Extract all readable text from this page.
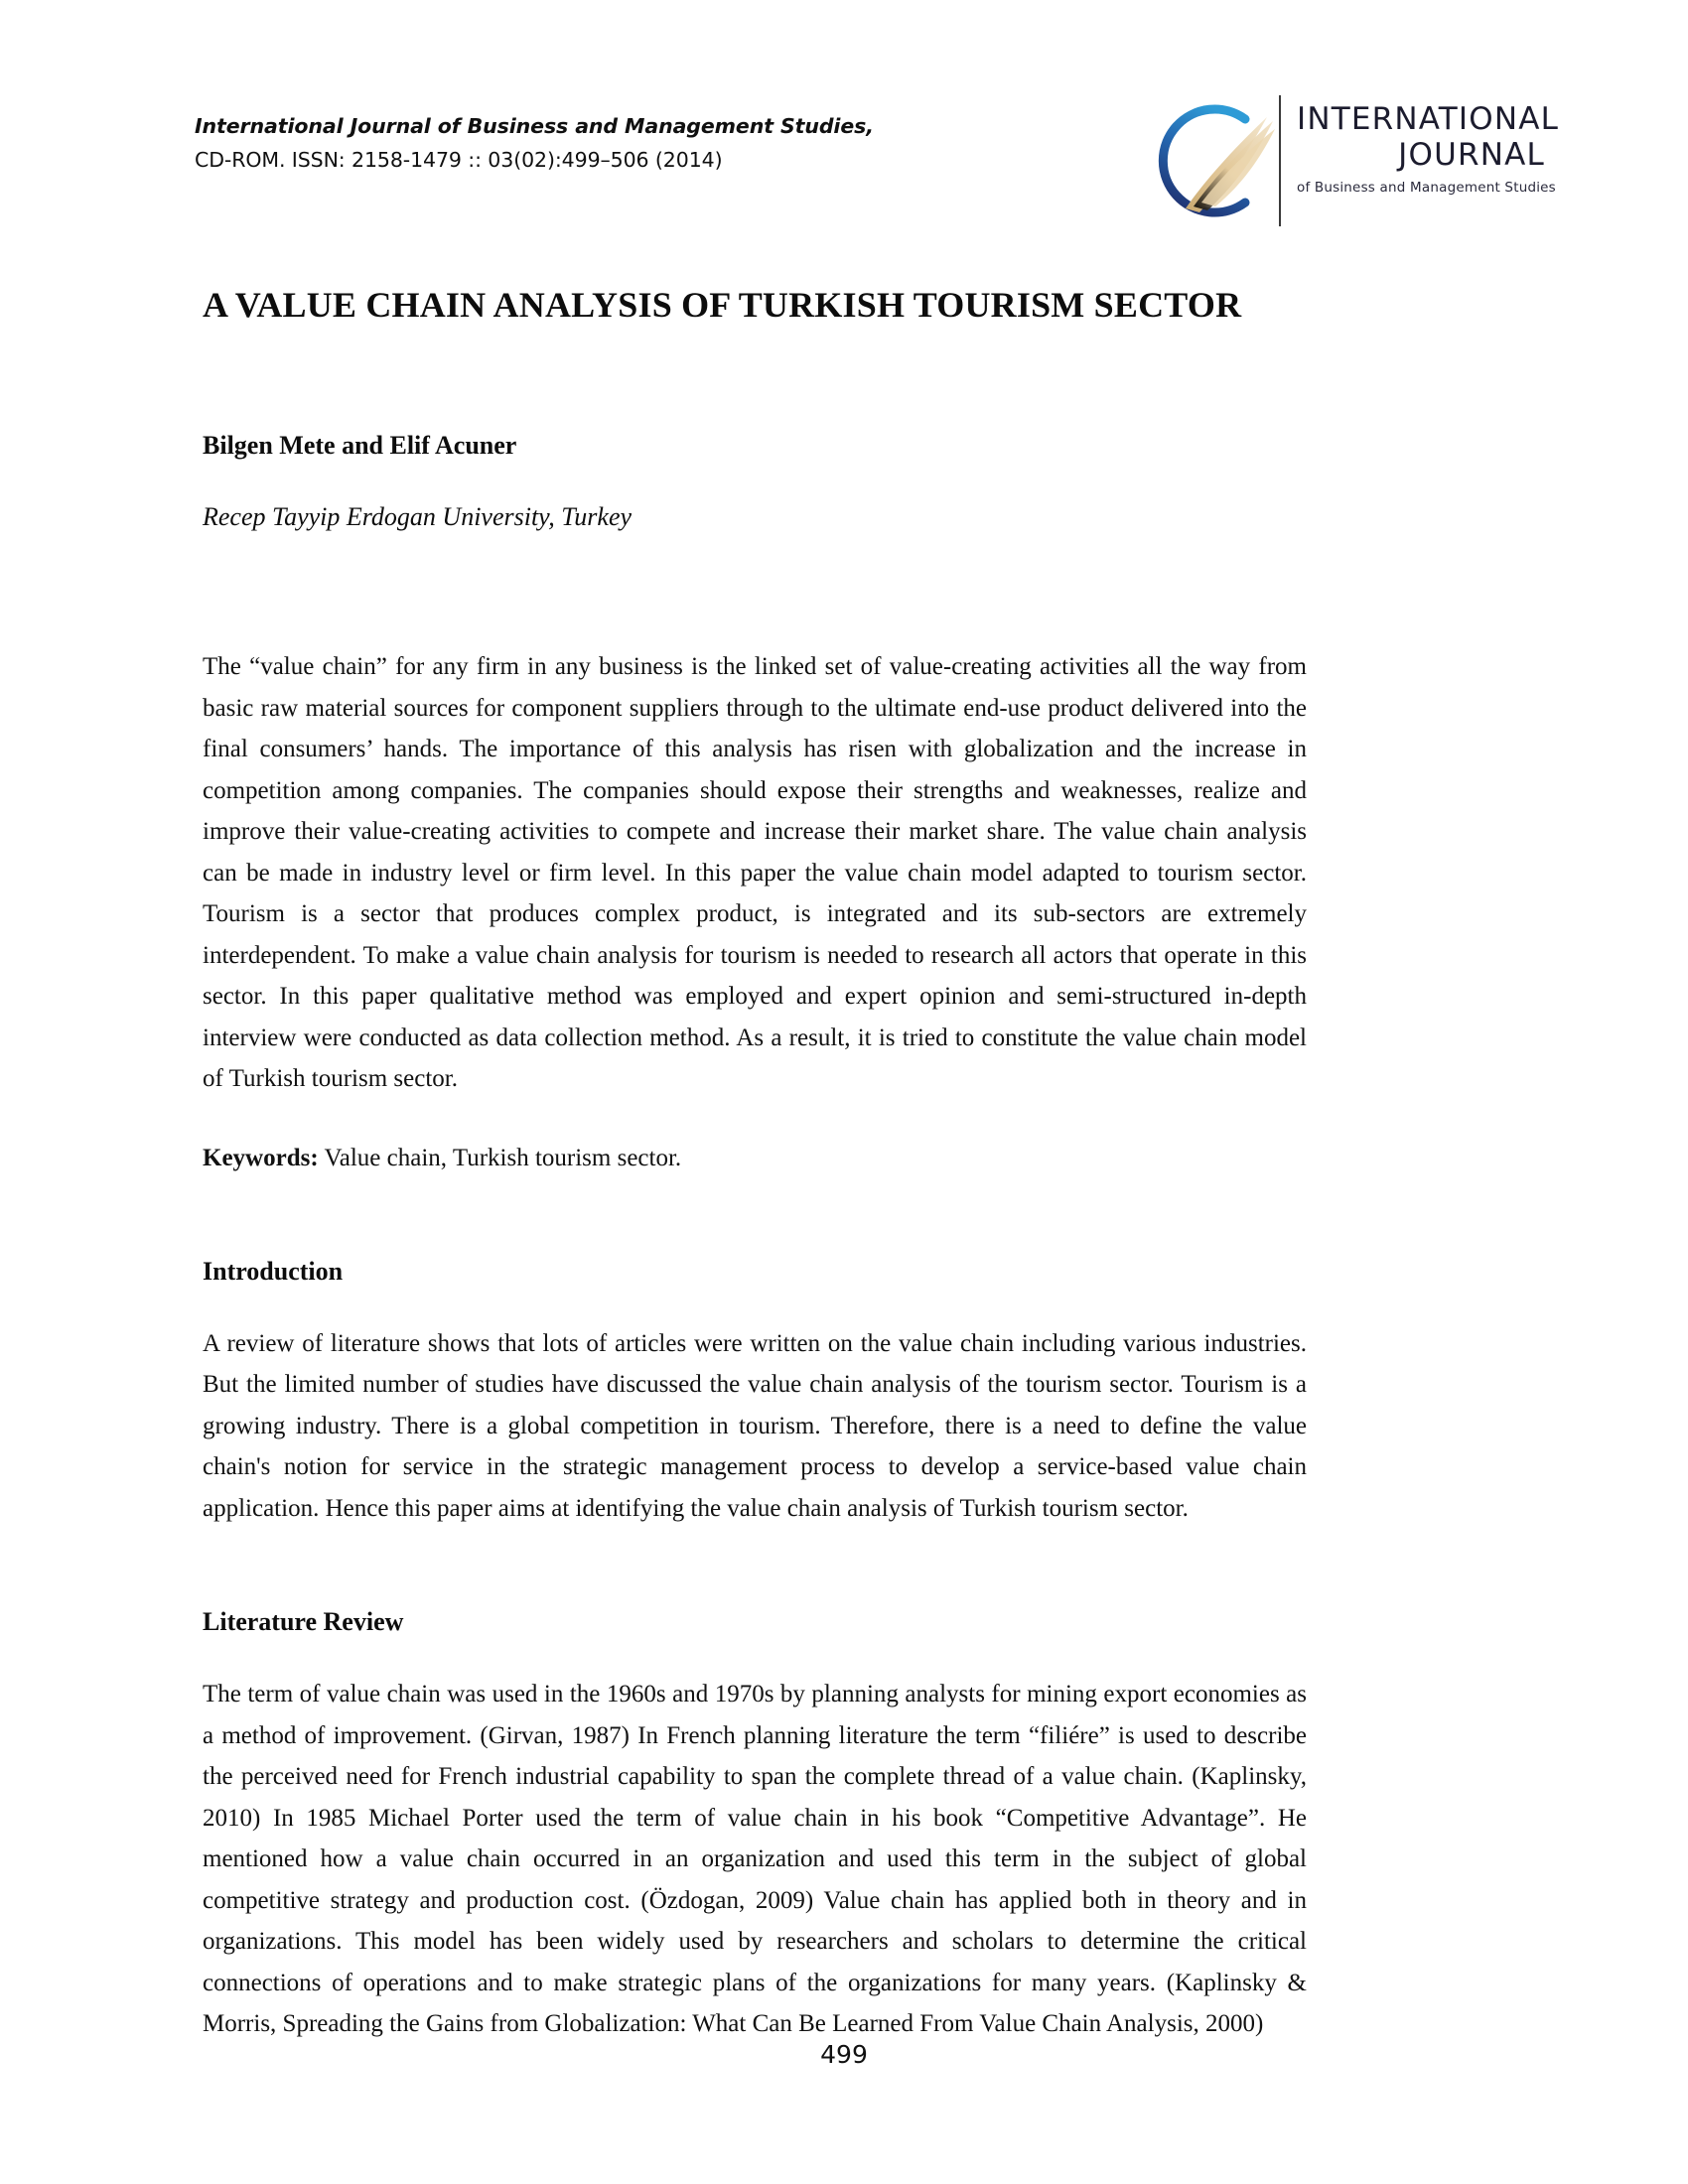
International Journal of Business and Management Studies,
CD-ROM. ISSN: 2158-1479 :: 03(02):499–506 (2014)
INTERNATIONAL
JOURNAL
of Business and Management Studies
A VALUE CHAIN ANALYSIS OF TURKISH TOURISM SECTOR

Bilgen Mete and Elif Acuner

Recep Tayyip Erdogan University, Turkey

The “value chain” for any firm in any business is the linked set of value-creating activities all the way from basic raw material sources for component suppliers through to the ultimate end-use product delivered into the final consumers’ hands. The importance of this analysis has risen with globalization and the increase in competition among companies. The companies should expose their strengths and weaknesses, realize and improve their value-creating activities to compete and increase their market share. The value chain analysis can be made in industry level or firm level. In this paper the value chain model adapted to tourism sector. Tourism is a sector that produces complex product, is integrated and its sub-sectors are extremely interdependent. To make a value chain analysis for tourism is needed to research all actors that operate in this sector. In this paper qualitative method was employed and expert opinion and semi-structured in-depth interview were conducted as data collection method. As a result, it is tried to constitute the value chain model of Turkish tourism sector.

Keywords: Value chain, Turkish tourism sector.

Introduction

A review of literature shows that lots of articles were written on the value chain including various industries. But the limited number of studies have discussed the value chain analysis of the tourism sector. Tourism is a growing industry. There is a global competition in tourism. Therefore, there is a need to define the value chain's notion for service in the strategic management process to develop a service-based value chain application. Hence this paper aims at identifying the value chain analysis of Turkish tourism sector.

Literature Review

The term of value chain was used in the 1960s and 1970s by planning analysts for mining export economies as a method of improvement. (Girvan, 1987) In French planning literature the term “filiére” is used to describe the perceived need for French industrial capability to span the complete thread of a value chain. (Kaplinsky, 2010) In 1985 Michael Porter used the term of value chain in his book “Competitive Advantage”. He mentioned how a value chain occurred in an organization and used this term in the subject of global competitive strategy and production cost. (Özdogan, 2009) Value chain has applied both in theory and in organizations. This model has been widely used by researchers and scholars to determine the critical connections of operations and to make strategic plans of the organizations for many years. (Kaplinsky & Morris, Spreading the Gains from Globalization: What Can Be Learned From Value Chain Analysis, 2000)

499
